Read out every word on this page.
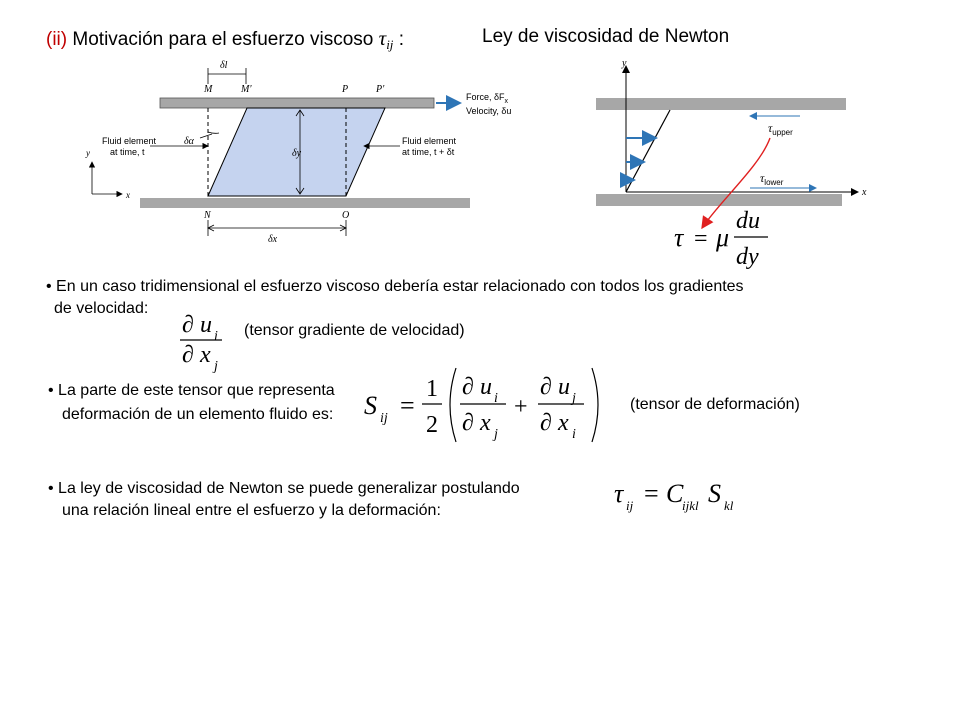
(ii) Motivación para el esfuerzo viscoso $\tau_{ij}$ :	Ley de viscosidad de Newton
δl
M	M'	P	P'
Force, $\delta F_x$
Velocity, δu
δα
δy
Fluid element
at time, t
Fluid element
at time, t + δt
y
x
N	O
δx
y
x
$\tau_{upper}$
$\tau_{lower}$
τ = μ
du
dy
• En un caso tridimensional el esfuerzo viscoso debería estar relacionado con todos los gradientes
de velocidad:
∂ u i
∂ x j
(tensor gradiente de velocidad)
• La parte de este tensor que representa
deformación de un elemento fluido es: S ij =
1
2
∂ u i
∂ x j
+
∂ u j
∂ x i
(tensor de deformación)
• La ley de viscosidad de Newton se puede generalizar postulando
una relación lineal entre el esfuerzo y la deformación:
τ ij = C
ijkl S kl
